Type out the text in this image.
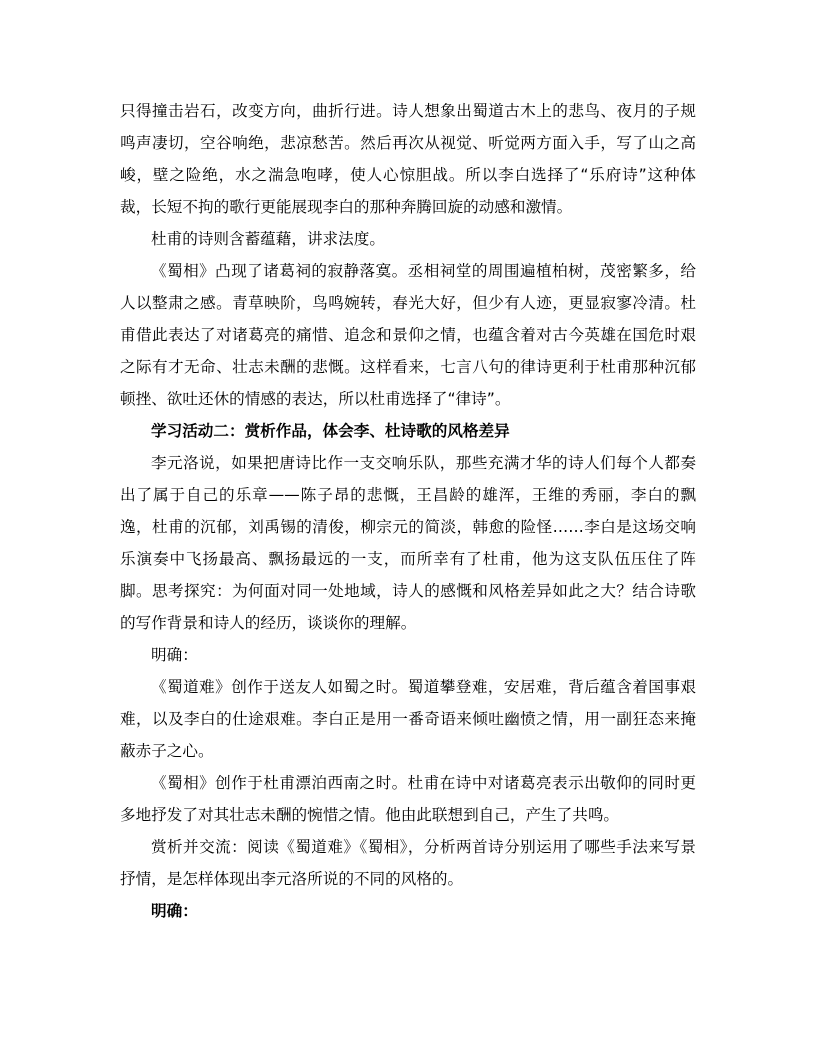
只得撞击岩石，改变方向，曲折行进。诗人想象出蜀道古木上的悲鸟、夜月的子规鸣声凄切，空谷响绝，悲凉愁苦。然后再次从视觉、听觉两方面入手，写了山之高峻，壁之险绝，水之湍急咆哮，使人心惊胆战。所以李白选择了“乐府诗”这种体裁，长短不拘的歌行更能展现李白的那种奔腾回旋的动感和激情。

杜甫的诗则含蓄蕴藉，讲求法度。

《蜀相》凸现了诸葛祠的寂静落寞。丞相祠堂的周围遍植柏树，茂密繁多，给人以整肃之感。青草映阶，鸟鸣婉转，春光大好，但少有人迹，更显寂寥冷清。杜甫借此表达了对诸葛亮的痛惜、追念和景仰之情，也蕴含着对古今英雄在国危时艰之际有才无命、壮志未酬的悲慨。这样看来，七言八句的律诗更利于杜甫那种沉郁顿挫、欲吐还休的情感的表达，所以杜甫选择了“律诗”。

学习活动二：赏析作品，体会李、杜诗歌的风格差异

李元洛说，如果把唐诗比作一支交响乐队，那些充满才华的诗人们每个人都奏出了属于自己的乐章——陈子昂的悲慨，王昌龄的雄浑，王维的秀丽，李白的飘逸，杜甫的沉郁，刘禹锡的清俊，柳宗元的简淡，韩愈的险怪……李白是这场交响乐演奏中飞扬最高、飘扬最远的一支，而所幸有了杜甫，他为这支队伍压住了阵脚。思考探究：为何面对同一处地域，诗人的感慨和风格差异如此之大？结合诗歌的写作背景和诗人的经历，谈谈你的理解。

明确：

《蜀道难》创作于送友人如蜀之时。蜀道攀登难，安居难，背后蕴含着国事艰难，以及李白的仕途艰难。李白正是用一番奇语来倾吐幽愤之情，用一副狂态来掩蔽赤子之心。

《蜀相》创作于杜甫漂泊西南之时。杜甫在诗中对诸葛亮表示出敬仰的同时更多地抒发了对其壮志未酬的惋惜之情。他由此联想到自己，产生了共鸣。

赏析并交流：阅读《蜀道难》《蜀相》，分析两首诗分别运用了哪些手法来写景抒情，是怎样体现出李元洛所说的不同的风格的。

明确：
